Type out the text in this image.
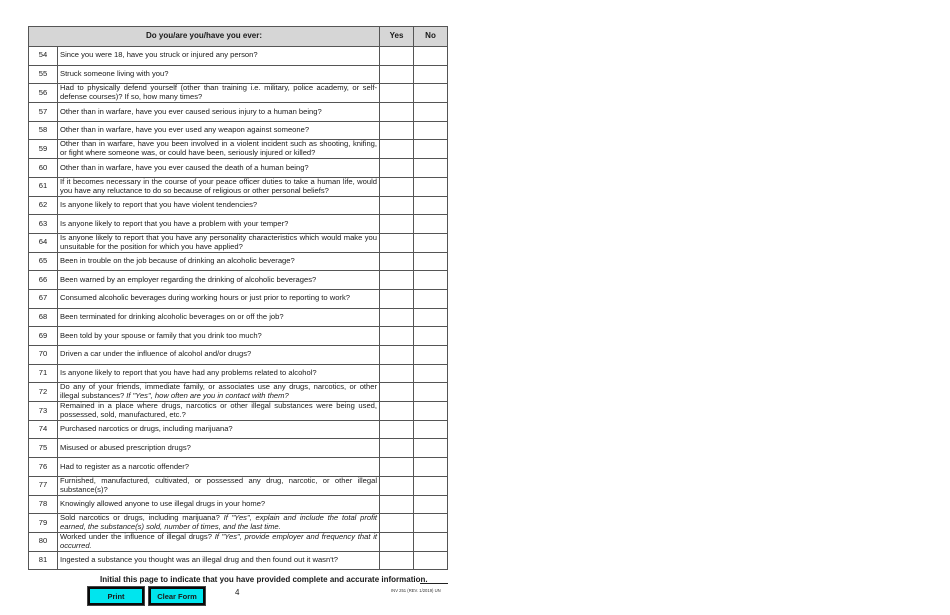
Do you/are you/have you ever:		Yes	No
54	Since you were 18, have you struck or injured any person?		
55	Struck someone living with you?		
56	Had to physically defend yourself (other than training i.e. military, police academy, or self-defense courses)? If so, how many times?		
57	Other than in warfare, have you ever caused serious injury to a human being?		
58	Other than in warfare, have you ever used any weapon against someone?		
59	Other than in warfare, have you been involved in a violent incident such as shooting, knifing, or fight where someone was, or could have been, seriously injured or killed?		
60	Other than in warfare, have you ever caused the death of a human being?		
61	If it becomes necessary in the course of your peace officer duties to take a human life, would you have any reluctance to do so because of religious or other personal beliefs?		
62	Is anyone likely to report that you have violent tendencies?		
63	Is anyone likely to report that you have a problem with your temper?		
64	Is anyone likely to report that you have any personality characteristics which would make you unsuitable for the position for which you have applied?		
65	Been in trouble on the job because of drinking an alcoholic beverage?		
66	Been warned by an employer regarding the drinking of alcoholic beverages?		
67	Consumed alcoholic beverages during working hours or just prior to reporting to work?		
68	Been terminated for drinking alcoholic beverages on or off the job?		
69	Been told by your spouse or family that you drink too much?		
70	Driven a car under the influence of alcohol and/or drugs?		
71	Is anyone likely to report that you have had any problems related to alcohol?		
72	Do any of your friends, immediate family, or associates use any drugs, narcotics, or other illegal substances? If "Yes", how often are you in contact with them?		
73	Remained in a place where drugs, narcotics or other illegal substances were being used, possessed, sold, manufactured, etc.?		
74	Purchased narcotics or drugs, including marijuana?		
75	Misused or abused prescription drugs?		
76	Had to register as a narcotic offender?		
77	Furnished, manufactured, cultivated, or possessed any drug, narcotic, or other illegal substance(s)?		
78	Knowingly allowed anyone to use illegal drugs in your home?		
79	Sold narcotics or drugs, including marijuana? If "Yes", explain and include the total profit earned, the substance(s) sold, number of times, and the last time.		
80	Worked under the influence of illegal drugs? If "Yes", provide employer and frequency that it occurred.		
81	Ingested a substance you thought was an illegal drug and then found out it wasn't?		
Initial this page to indicate that you have provided complete and accurate information.
Print	Clear Form	4	INV 251 (REV. 1/2019) UN
